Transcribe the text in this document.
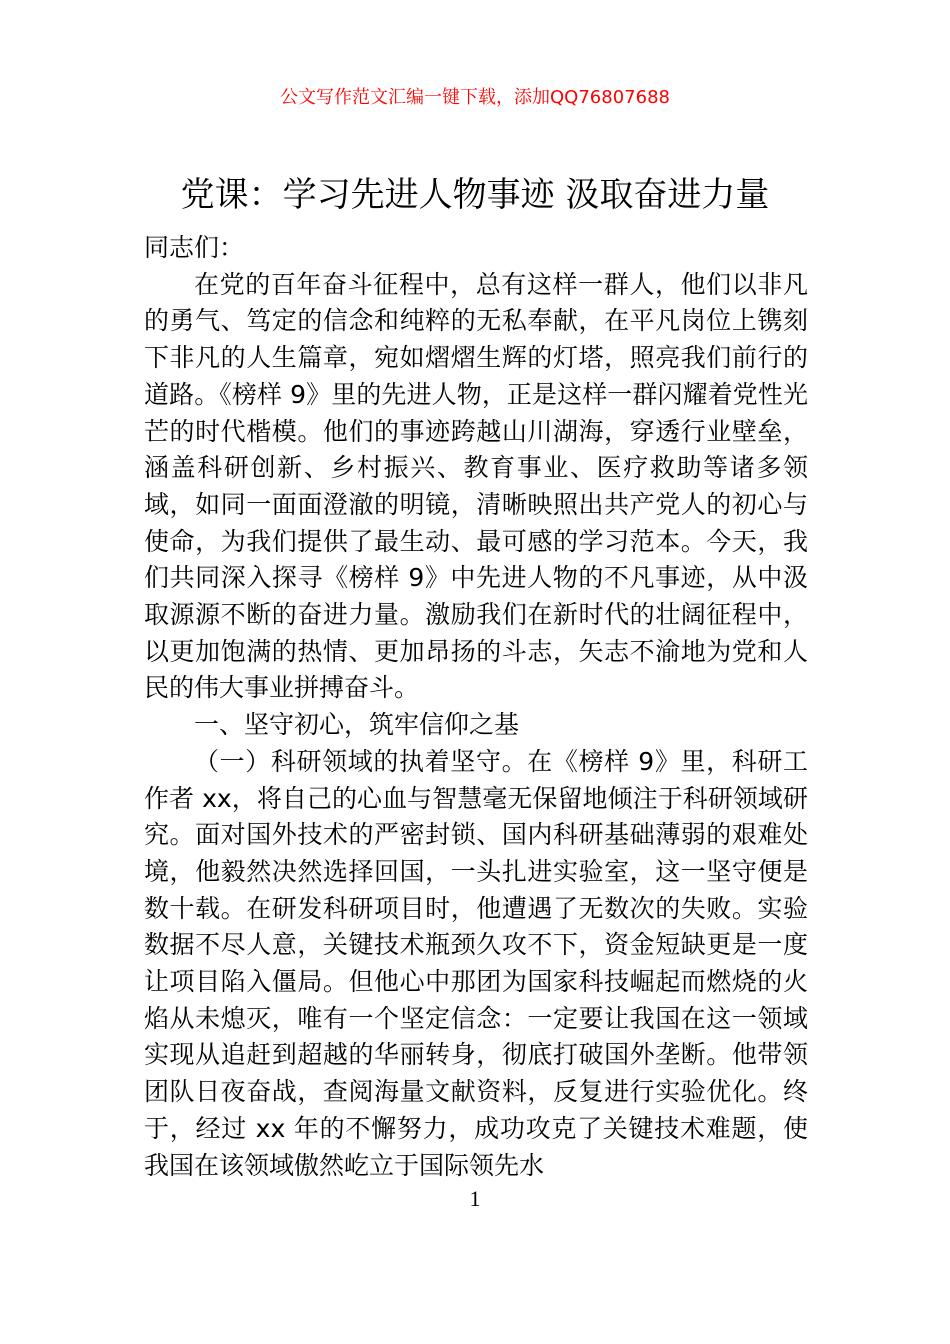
公文写作范文汇编一键下载，添加QQ76807688
党课：学习先进人物事迹 汲取奋进力量

同志们：

在党的百年奋斗征程中，总有这样一群人，他们以非凡的勇气、笃定的信念和纯粹的无私奉献，在平凡岗位上镌刻下非凡的人生篇章，宛如熠熠生辉的灯塔，照亮我们前行的道路。《榜样 9》里的先进人物，正是这样一群闪耀着党性光芒的时代楷模。他们的事迹跨越山川湖海，穿透行业壁垒，涵盖科研创新、乡村振兴、教育事业、医疗救助等诸多领域，如同一面面澄澈的明镜，清晰映照出共产党人的初心与使命，为我们提供了最生动、最可感的学习范本。今天，我们共同深入探寻《榜样 9》中先进人物的不凡事迹，从中汲取源源不断的奋进力量。激励我们在新时代的壮阔征程中，以更加饱满的热情、更加昂扬的斗志，矢志不渝地为党和人民的伟大事业拼搏奋斗。

一、坚守初心，筑牢信仰之基

（一）科研领域的执着坚守。在《榜样 9》里，科研工作者 xx，将自己的心血与智慧毫无保留地倾注于科研领域研究。面对国外技术的严密封锁、国内科研基础薄弱的艰难处境，他毅然决然选择回国，一头扎进实验室，这一坚守便是数十载。在研发科研项目时，他遭遇了无数次的失败。实验数据不尽人意，关键技术瓶颈久攻不下，资金短缺更是一度让项目陷入僵局。但他心中那团为国家科技崛起而燃烧的火焰从未熄灭，唯有一个坚定信念：一定要让我国在这一领域实现从追赶到超越的华丽转身，彻底打破国外垄断。他带领团队日夜奋战，查阅海量文献资料，反复进行实验优化。终于，经过 xx 年的不懈努力，成功攻克了关键技术难题，使我国在该领域傲然屹立于国际领先水

1
